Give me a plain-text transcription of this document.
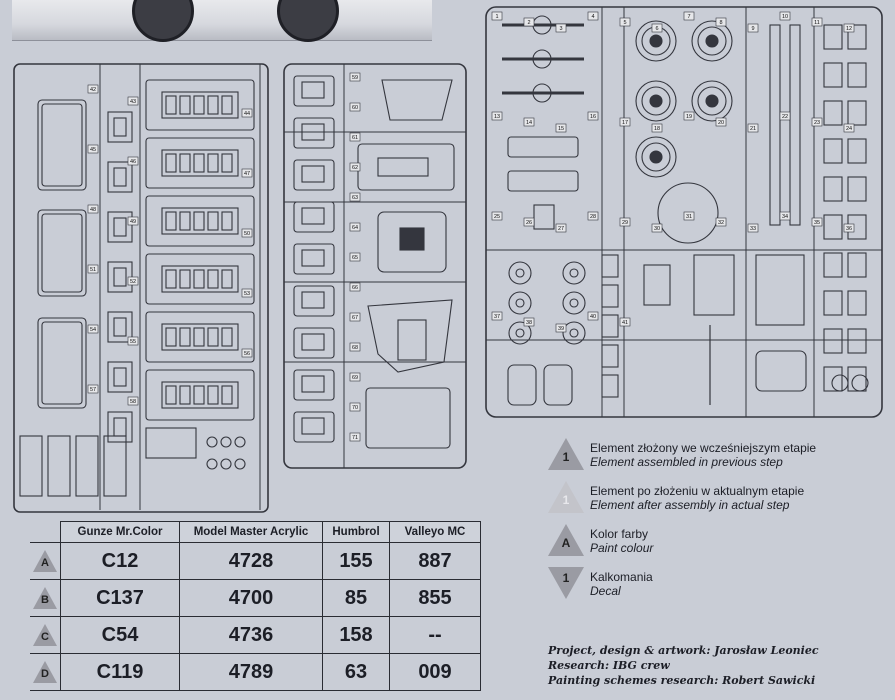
42
43
44
45
46
47
48
49
50
51
52
53
54
55
56
57
58
59
60
61
62
63
64
65
66
67
68
69
70
71
1
2
3
4
5
6
7
8
9
10
11
12
13
14
15
16
17
18
19
20
21
22
23
24
25
26
27
28
29
30
31
32
33
34
35
36
37
38
39
40
41
1
Element złożony we wcześniejszym etapie
Element assembled in previous step
1
Element po złożeniu w aktualnym etapie
Element after assembly in actual step
A
Kolor farby
Paint colour
1	Kalkomania
Decal
	Gunze Mr.Color	Model Master Acrylic	Humbrol	Valleyo MC

A	C12	4728	155	887

B	C137	4700	85	855

C	C54	4736	158	--

D	C119	4789	63	009
Project, design & artwork: Jarosław Leoniec
Research: IBG crew
Painting schemes research: Robert Sawicki
